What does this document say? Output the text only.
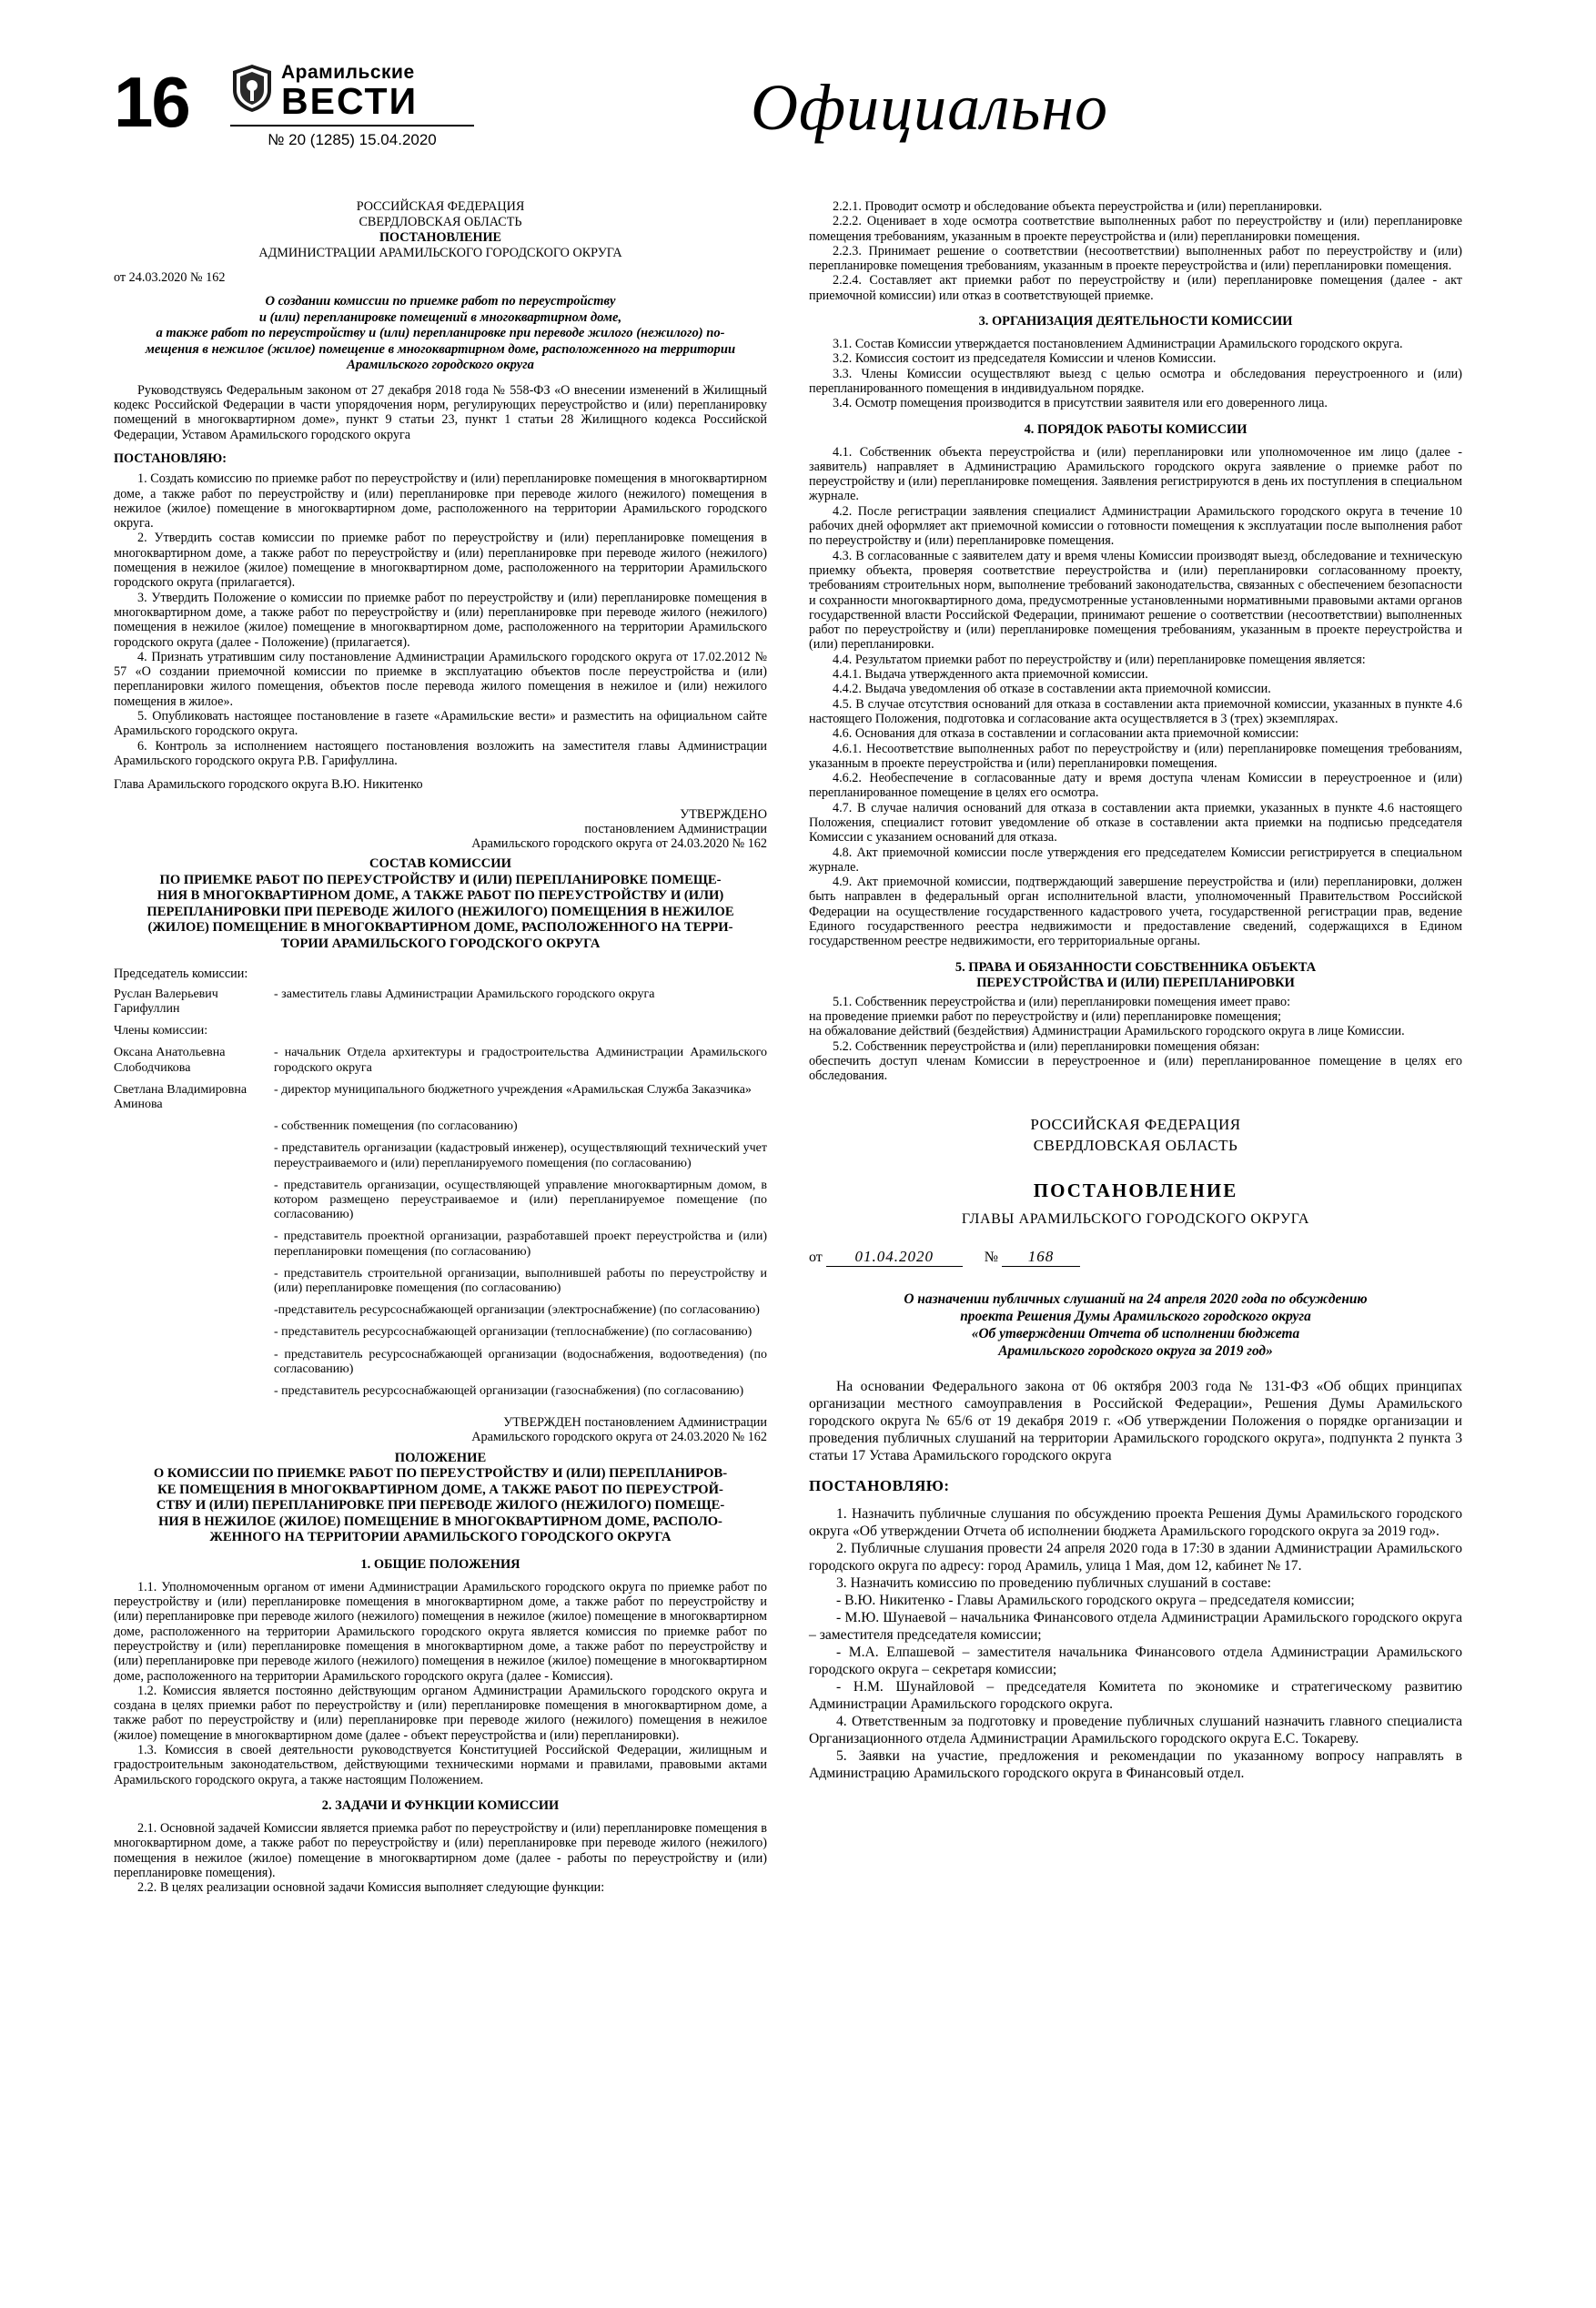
16	Арамильские
ВЕСТИ
№ 20 (1285) 15.04.2020	Официально
РОССИЙСКАЯ ФЕДЕРАЦИЯ
СВЕРДЛОВСКАЯ ОБЛАСТЬ
ПОСТАНОВЛЕНИЕ
АДМИНИСТРАЦИИ АРАМИЛЬСКОГО ГОРОДСКОГО ОКРУГА

от 24.03.2020 № 162

О создании комиссии по приемке работ по переустройству
и (или) перепланировке помещений в многоквартирном доме,
а также работ по переустройству и (или) перепланировке при переводе жилого (нежилого) по-
мещения в нежилое (жилое) помещение в многоквартирном доме, расположенного на территории
Арамильского городского округа

Руководствуясь Федеральным законом от 27 декабря 2018 года № 558-ФЗ «О внесении изменений в Жилищный кодекс Российской Федерации в части упорядочения норм, регулирующих переустройство и (или) перепланировку помещений в многоквартирном доме», пункт 9 статьи 23, пункт 1 статьи 28 Жилищного кодекса Российской Федерации, Уставом Арамильского городского округа

ПОСТАНОВЛЯЮ:

1. Создать комиссию по приемке работ по переустройству и (или) перепланировке помещения в многоквартирном доме, а также работ по переустройству и (или) перепланировке при переводе жилого (нежилого) помещения в нежилое (жилое) помещение в многоквартирном доме, расположенного на территории Арамильского городского округа.

2. Утвердить состав комиссии по приемке работ по переустройству и (или) перепланировке помещения в многоквартирном доме, а также работ по переустройству и (или) перепланировке при переводе жилого (нежилого) помещения в нежилое (жилое) помещение в многоквартирном доме, расположенного на территории Арамильского городского округа (прилагается).

3. Утвердить Положение о комиссии по приемке работ по переустройству и (или) перепланировке помещения в многоквартирном доме, а также работ по переустройству и (или) перепланировке при переводе жилого (нежилого) помещения в нежилое (жилое) помещение в многоквартирном доме, расположенного на территории Арамильского городского округа (далее - Положение) (прилагается).

4. Признать утратившим силу постановление Администрации Арамильского городского округа от 17.02.2012 № 57 «О создании приемочной комиссии по приемке в эксплуатацию объектов после переустройства и (или) перепланировки жилого помещения, объектов после перевода жилого помещения в нежилое и (или) нежилого помещения в жилое».

5. Опубликовать настоящее постановление в газете «Арамильские вести» и разместить на официальном сайте Арамильского городского округа.

6. Контроль за исполнением настоящего постановления возложить на заместителя главы Администрации Арамильского городского округа Р.В. Гарифуллина.

Глава Арамильского городского округа В.Ю. Никитенко

УТВЕРЖДЕНО

постановлением Администрации

Арамильского городского округа от 24.03.2020 № 162

СОСТАВ КОМИССИИ
ПО ПРИЕМКЕ РАБОТ ПО ПЕРЕУСТРОЙСТВУ И (ИЛИ) ПЕРЕПЛАНИРОВКЕ ПОМЕЩЕ-
НИЯ В МНОГОКВАРТИРНОМ ДОМЕ, А ТАКЖЕ РАБОТ ПО ПЕРЕУСТРОЙСТВУ И (ИЛИ)
ПЕРЕПЛАНИРОВКИ ПРИ ПЕРЕВОДЕ ЖИЛОГО (НЕЖИЛОГО) ПОМЕЩЕНИЯ В НЕЖИЛОЕ
(ЖИЛОЕ) ПОМЕЩЕНИЕ В МНОГОКВАРТИРНОМ ДОМЕ, РАСПОЛОЖЕННОГО НА ТЕРРИ-
ТОРИИ АРАМИЛЬСКОГО ГОРОДСКОГО ОКРУГА

Председатель комиссии:

Руслан Валерьевич Гарифуллин	- заместитель главы Администрации Арамильского городского округа
Члены комиссии:	
Оксана Анатольевна Слободчикова	- начальник Отдела архитектуры и градостроительства Администрации Арамильского городского округа
Светлана Владимировна Аминова	- директор муниципального бюджетного учреждения «Арамильская Служба Заказчика»
	- собственник помещения (по согласованию)
	- представитель организации (кадастровый инженер), осуществляющий технический учет переустраиваемого и (или) перепланируемого помещения (по согласованию)
	- представитель организации, осуществляющей управление многоквартирным домом, в котором размещено переустраиваемое и (или) перепланируемое помещение (по согласованию)
	- представитель проектной организации, разработавшей проект переустройства и (или) перепланировки помещения (по согласованию)
	- представитель строительной организации, выполнившей работы по переустройству и (или) перепланировке помещения (по согласованию)
	-представитель ресурсоснабжающей организации (электроснабжение) (по согласованию)
	- представитель ресурсоснабжающей организации (теплоснабжение) (по согласованию)
	- представитель ресурсоснабжающей организации (водоснабжения, водоотведения) (по согласованию)
	- представитель ресурсоснабжающей организации (газоснабжения) (по согласованию)

УТВЕРЖДЕН постановлением Администрации

Арамильского городского округа от 24.03.2020 № 162

ПОЛОЖЕНИЕ
О КОМИССИИ ПО ПРИЕМКЕ РАБОТ ПО ПЕРЕУСТРОЙСТВУ И (ИЛИ) ПЕРЕПЛАНИРОВ-
КЕ ПОМЕЩЕНИЯ В МНОГОКВАРТИРНОМ ДОМЕ, А ТАКЖЕ РАБОТ ПО ПЕРЕУСТРОЙ-
СТВУ И (ИЛИ) ПЕРЕПЛАНИРОВКЕ ПРИ ПЕРЕВОДЕ ЖИЛОГО (НЕЖИЛОГО) ПОМЕЩЕ-
НИЯ В НЕЖИЛОЕ (ЖИЛОЕ) ПОМЕЩЕНИЕ В МНОГОКВАРТИРНОМ ДОМЕ, РАСПОЛО-
ЖЕННОГО НА ТЕРРИТОРИИ АРАМИЛЬСКОГО ГОРОДСКОГО ОКРУГА
1. ОБЩИЕ ПОЛОЖЕНИЯ

1.1. Уполномоченным органом от имени Администрации Арамильского городского округа по приемке работ по переустройству и (или) перепланировке помещения в многоквартирном доме, а также работ по переустройству и (или) перепланировке при переводе жилого (нежилого) помещения в нежилое (жилое) помещение в многоквартирном доме, расположенного на территории Арамильского городского округа является комиссия по приемке работ по переустройству и (или) перепланировке помещения в многоквартирном доме, а также работ по переустройству и (или) перепланировке при переводе жилого (нежилого) помещения в нежилое (жилое) помещение в многоквартирном доме, расположенного на территории Арамильского городского округа (далее - Комиссия).

1.2. Комиссия является постоянно действующим органом Администрации Арамильского городского округа и создана в целях приемки работ по переустройству и (или) перепланировке помещения в многоквартирном доме, а также работ по переустройству и (или) перепланировке при переводе жилого (нежилого) помещения в нежилое (жилое) помещение в многоквартирном доме (далее - объект переустройства и (или) перепланировки).

1.3. Комиссия в своей деятельности руководствуется Конституцией Российской Федерации, жилищным и градостроительным законодательством, действующими техническими нормами и правилами, правовыми актами Арамильского городского округа, а также настоящим Положением.

2. ЗАДАЧИ И ФУНКЦИИ КОМИССИИ

2.1. Основной задачей Комиссии является приемка работ по переустройству и (или) перепланировке помещения в многоквартирном доме, а также работ по переустройству и (или) перепланировке при переводе жилого (нежилого) помещения в нежилое (жилое) помещение в многоквартирном доме (далее - работы по переустройству и (или) перепланировке помещения).

2.2. В целях реализации основной задачи Комиссия выполняет следующие функции:

2.2.1. Проводит осмотр и обследование объекта переустройства и (или) перепланировки.

2.2.2. Оценивает в ходе осмотра соответствие выполненных работ по переустройству и (или) перепланировке помещения требованиям, указанным в проекте переустройства и (или) перепланировки помещения.

2.2.3. Принимает решение о соответствии (несоответствии) выполненных работ по переустройству и (или) перепланировке помещения требованиям, указанным в проекте переустройства и (или) перепланировки помещения.

2.2.4. Составляет акт приемки работ по переустройству и (или) перепланировке помещения (далее - акт приемочной комиссии) или отказ в соответствующей приемке.

3. ОРГАНИЗАЦИЯ ДЕЯТЕЛЬНОСТИ КОМИССИИ

3.1. Состав Комиссии утверждается постановлением Администрации Арамильского городского округа.

3.2. Комиссия состоит из председателя Комиссии и членов Комиссии.

3.3. Члены Комиссии осуществляют выезд с целью осмотра и обследования переустроенного и (или) перепланированного помещения в индивидуальном порядке.

3.4. Осмотр помещения производится в присутствии заявителя или его доверенного лица.

4. ПОРЯДОК РАБОТЫ КОМИССИИ

4.1. Собственник объекта переустройства и (или) перепланировки или уполномоченное им лицо (далее - заявитель) направляет в Администрацию Арамильского городского округа заявление о приемке работ по переустройству и (или) перепланировке помещения. Заявления регистрируются в день их поступления в специальном журнале.

4.2. После регистрации заявления специалист Администрации Арамильского городского округа в течение 10 рабочих дней оформляет акт приемочной комиссии о готовности помещения к эксплуатации после выполнения работ по переустройству и (или) перепланировке помещения.

4.3. В согласованные с заявителем дату и время члены Комиссии производят выезд, обследование и техническую приемку объекта, проверяя соответствие переустройства и (или) перепланировки согласованному проекту, требованиям строительных норм, выполнение требований законодательства, связанных с обеспечением безопасности и сохранности многоквартирного дома, предусмотренные установленными нормативными правовыми актами органов государственной власти Российской Федерации, принимают решение о соответствии (несоответствии) выполненных работ по переустройству и (или) перепланировке помещения требованиям, указанным в проекте переустройства и (или) перепланировки.

4.4. Результатом приемки работ по переустройству и (или) перепланировке помещения является:

4.4.1. Выдача утвержденного акта приемочной комиссии.

4.4.2. Выдача уведомления об отказе в составлении акта приемочной комиссии.

4.5. В случае отсутствия оснований для отказа в составлении акта приемочной комиссии, указанных в пункте 4.6 настоящего Положения, подготовка и согласование акта осуществляется в 3 (трех) экземплярах.

4.6. Основания для отказа в составлении и согласовании акта приемочной комиссии:

4.6.1. Несоответствие выполненных работ по переустройству и (или) перепланировке помещения требованиям, указанным в проекте переустройства и (или) перепланировки помещения.

4.6.2. Необеспечение в согласованные дату и время доступа членам Комиссии в переустроенное и (или) перепланированное помещение в целях его осмотра.

4.7. В случае наличия оснований для отказа в составлении акта приемки, указанных в пункте 4.6 настоящего Положения, специалист готовит уведомление об отказе в составлении акта приемки на подписью председателя Комиссии с указанием оснований для отказа.

4.8. Акт приемочной комиссии после утверждения его председателем Комиссии регистрируется в специальном журнале.

4.9. Акт приемочной комиссии, подтверждающий завершение переустройства и (или) перепланировки, должен быть направлен в федеральный орган исполнительной власти, уполномоченный Правительством Российской Федерации на осуществление государственного кадастрового учета, государственной регистрации прав, ведение Единого государственного реестра недвижимости и предоставление сведений, содержащихся в Едином государственном реестре недвижимости, его территориальные органы.

5. ПРАВА И ОБЯЗАННОСТИ СОБСТВЕННИКА ОБЪЕКТА
ПЕРЕУСТРОЙСТВА И (ИЛИ) ПЕРЕПЛАНИРОВКИ

5.1. Собственник переустройства и (или) перепланировки помещения имеет право:

на проведение приемки работ по переустройству и (или) перепланировке помещения;

на обжалование действий (бездействия) Администрации Арамильского городского округа в лице Комиссии.

5.2. Собственник переустройства и (или) перепланировки помещения обязан:

обеспечить доступ членам Комиссии в переустроенное и (или) перепланированное помещение в целях его обследования.

РОССИЙСКАЯ ФЕДЕРАЦИЯ
СВЕРДЛОВСКАЯ ОБЛАСТЬ
ПОСТАНОВЛЕНИЕ
ГЛАВЫ АРАМИЛЬСКОГО ГОРОДСКОГО ОКРУГА
от 01.04.2020	№ 168
О назначении публичных слушаний на 24 апреля 2020 года по обсуждению
проекта Решения Думы Арамильского городского округа
«Об утверждении Отчета об исполнении бюджета
Арамильского городского округа за 2019 год»

На основании Федерального закона от 06 октября 2003 года № 131-ФЗ «Об общих принципах организации местного самоуправления в Российской Федерации», Решения Думы Арамильского городского округа № 65/6 от 19 декабря 2019 г. «Об утверждении Положения о порядке организации и проведения публичных слушаний на территории Арамильского городского округа», подпункта 2 пункта 3 статьи 17 Устава Арамильского городского округа

ПОСТАНОВЛЯЮ:

1. Назначить публичные слушания по обсуждению проекта Решения Думы Арамильского городского округа «Об утверждении Отчета об исполнении бюджета Арамильского городского округа за 2019 год».

2. Публичные слушания провести 24 апреля 2020 года в 17:30 в здании Администрации Арамильского городского округа по адресу: город Арамиль, улица 1 Мая, дом 12, кабинет № 17.

3. Назначить комиссию по проведению публичных слушаний в составе:

- В.Ю. Никитенко - Главы Арамильского городского округа – председателя комиссии;

- М.Ю. Шунаевой – начальника Финансового отдела Администрации Арамильского городского округа – заместителя председателя комиссии;

- М.А. Елпашевой – заместителя начальника Финансового отдела Администрации Арамильского городского округа – секретаря комиссии;

- Н.М. Шунайловой – председателя Комитета по экономике и стратегическому развитию Администрации Арамильского городского округа.

4. Ответственным за подготовку и проведение публичных слушаний назначить главного специалиста Организационного отдела Администрации Арамильского городского округа Е.С. Токареву.

5. Заявки на участие, предложения и рекомендации по указанному вопросу направлять в Администрацию Арамильского городского округа в Финансовый отдел.
